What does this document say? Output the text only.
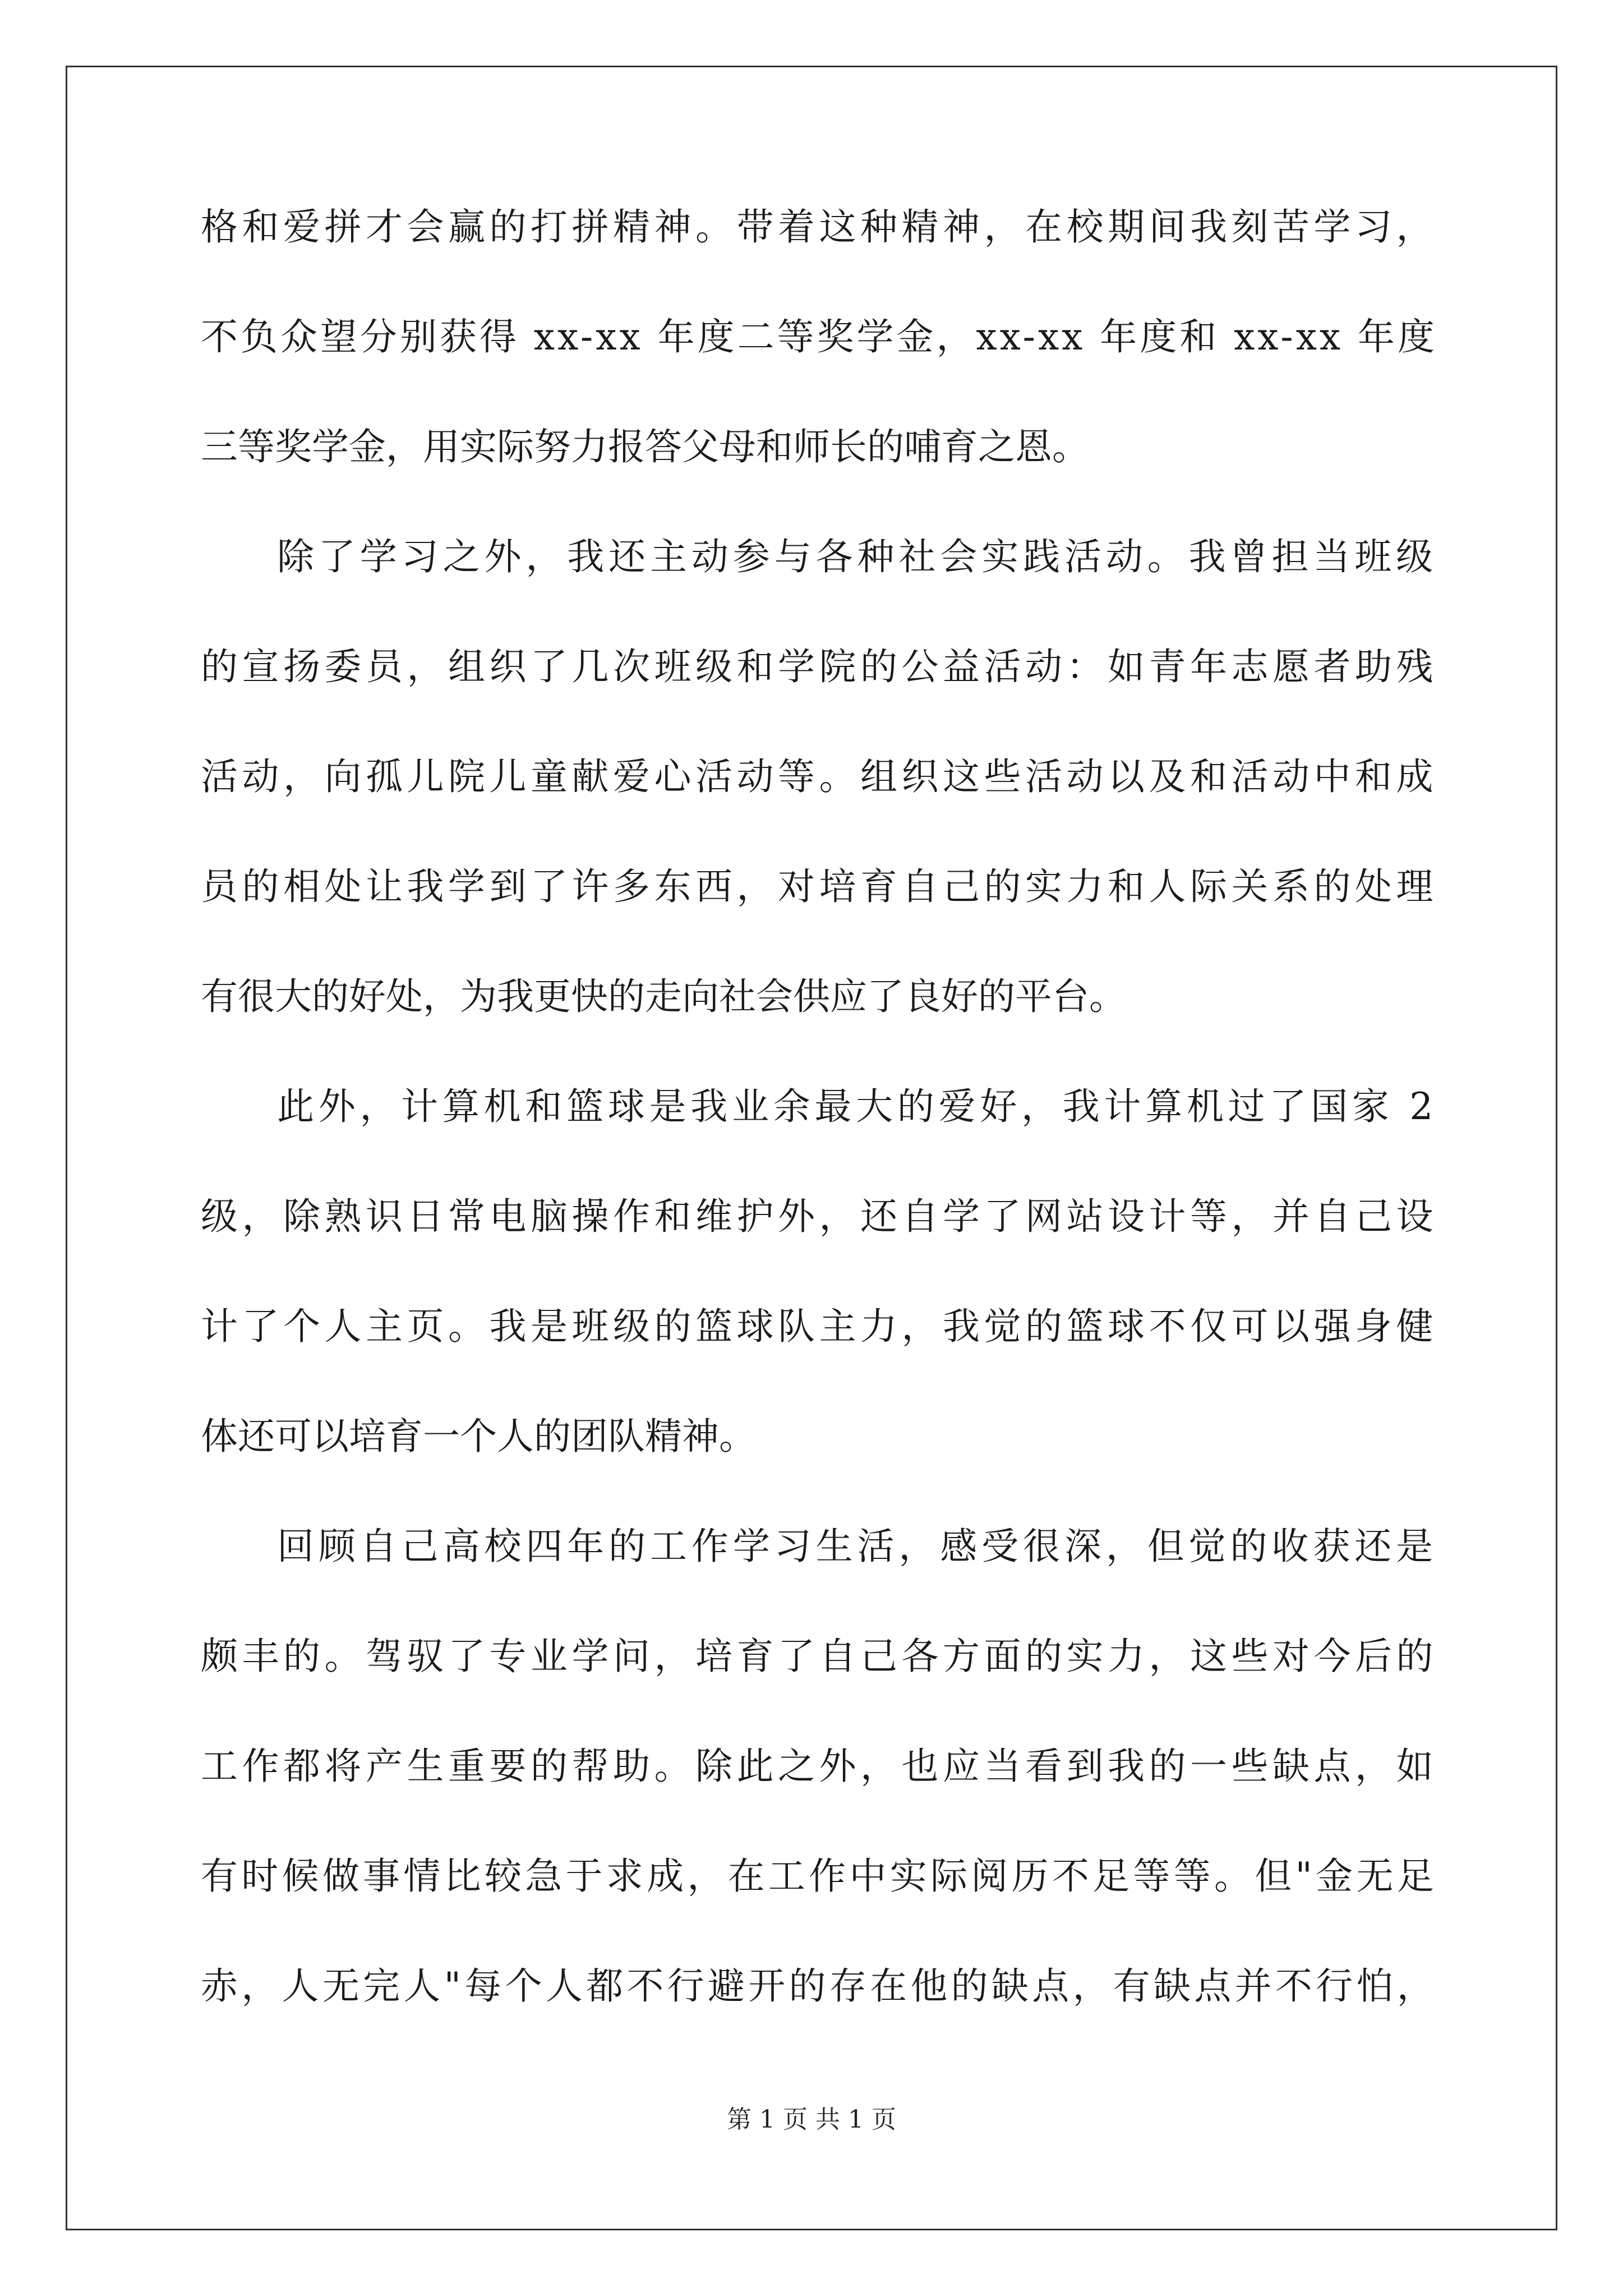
格和爱拼才会赢的打拼精神。带着这种精神，在校期间我刻苦学习，
不负众望分别获得 xx-xx 年度二等奖学金，xx-xx 年度和 xx-xx 年度
三等奖学金，用实际努力报答父母和师长的哺育之恩。
除了学习之外，我还主动参与各种社会实践活动。我曾担当班级
的宣扬委员，组织了几次班级和学院的公益活动：如青年志愿者助残
活动，向孤儿院儿童献爱心活动等。组织这些活动以及和活动中和成
员的相处让我学到了许多东西，对培育自己的实力和人际关系的处理
有很大的好处，为我更快的走向社会供应了良好的平台。
此外，计算机和篮球是我业余最大的爱好，我计算机过了国家 2
级，除熟识日常电脑操作和维护外，还自学了网站设计等，并自己设
计了个人主页。我是班级的篮球队主力，我觉的篮球不仅可以强身健
体还可以培育一个人的团队精神。
回顾自己高校四年的工作学习生活，感受很深，但觉的收获还是
颇丰的。驾驭了专业学问，培育了自己各方面的实力，这些对今后的
工作都将产生重要的帮助。除此之外，也应当看到我的一些缺点，如
有时候做事情比较急于求成，在工作中实际阅历不足等等。但"金无足
赤，人无完人"每个人都不行避开的存在他的缺点，有缺点并不行怕，
第 1 页 共 1 页
